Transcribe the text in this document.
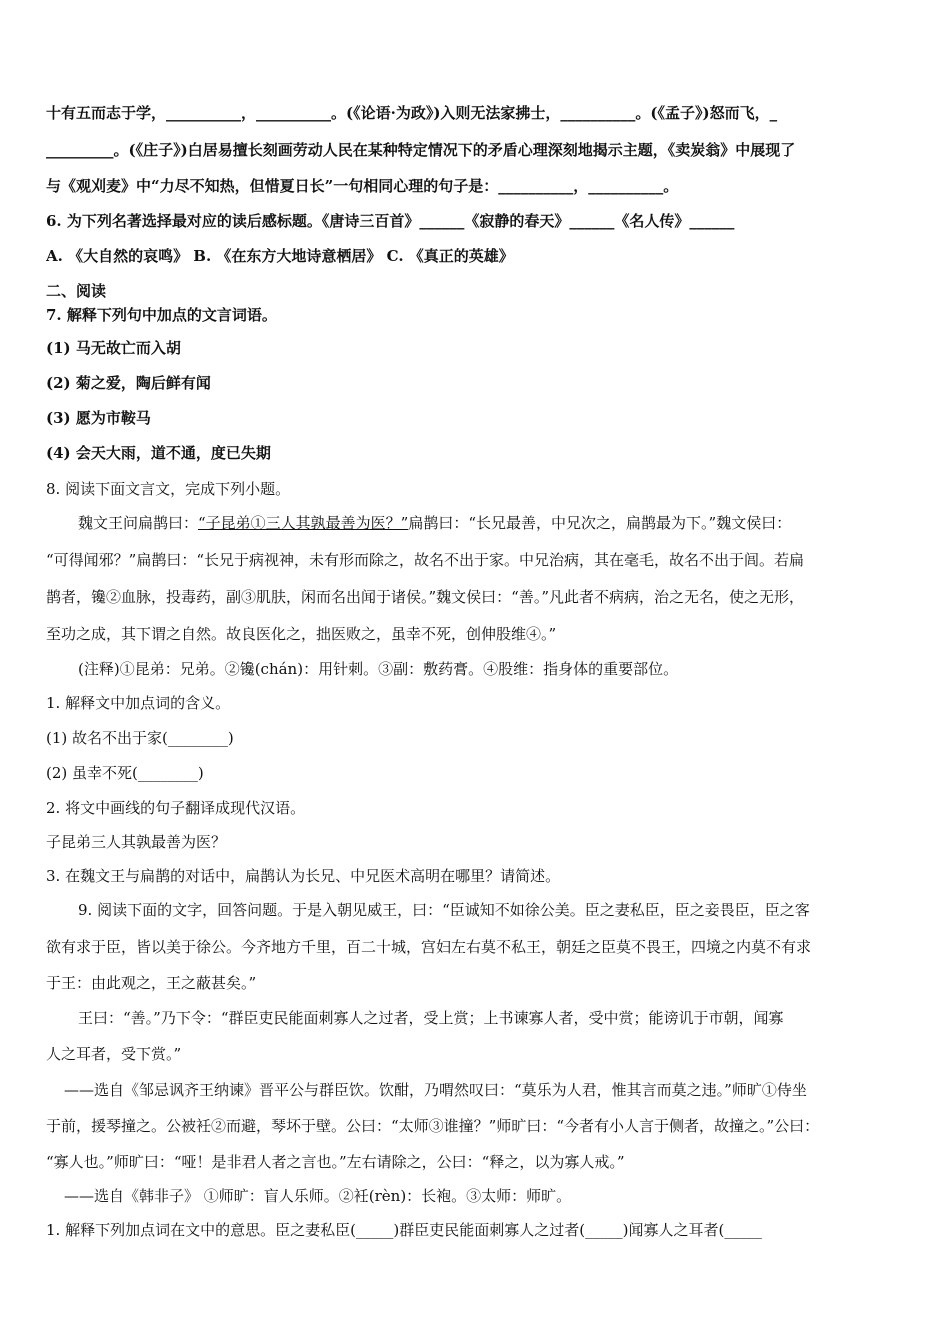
十有五而志于学，__________，__________。(《论语·为政》)入则无法家拂士，__________。(《孟子》)怒而飞，_
_________。(《庄子》)白居易擅长刻画劳动人民在某种特定情况下的矛盾心理深刻地揭示主题，《卖炭翁》中展现了
与《观刈麦》中“力尽不知热，但惜夏日长”一句相同心理的句子是：__________，__________。
6. 为下列名著选择最对应的读后感标题。《唐诗三百首》______《寂静的春天》______《名人传》______
A. 《大自然的哀鸣》 B. 《在东方大地诗意栖居》 C. 《真正的英雄》
二、阅读
7. 解释下列句中加点的文言词语。
(1) 马无故亡而入胡
(2) 菊之爱，陶后鲜有闻
(3) 愿为市鞍马
(4) 会天大雨，道不通，度已失期
8. 阅读下面文言文，完成下列小题。
魏文王问扁鹊曰：“子昆弟①三人其孰最善为医？”扁鹊曰：“长兄最善，中兄次之，扁鹊最为下。”魏文侯曰：
“可得闻邪？”扁鹊曰：“长兄于病视神，未有形而除之，故名不出于家。中兄治病，其在毫毛，故名不出于闾。若扁
鹊者，镵②血脉，投毒药，副③肌肤，闲而名出闻于诸侯。”魏文侯曰：“善。”凡此者不病病，治之无名，使之无形，
至功之成，其下谓之自然。故良医化之，拙医败之，虽幸不死，创伸股维④。”
(注释)①昆弟：兄弟。②镵(chán)：用针刺。③副：敷药膏。④股维：指身体的重要部位。
1. 解释文中加点词的含义。
(1) 故名不出于家(________)
(2) 虽幸不死(________)
2. 将文中画线的句子翻译成现代汉语。
子昆弟三人其孰最善为医？
3. 在魏文王与扁鹊的对话中，扁鹊认为长兄、中兄医术高明在哪里？请简述。
9. 阅读下面的文字，回答问题。于是入朝见威王，曰：“臣诚知不如徐公美。臣之妻私臣，臣之妾畏臣，臣之客
欲有求于臣，皆以美于徐公。今齐地方千里，百二十城，宫妇左右莫不私王，朝廷之臣莫不畏王，四境之内莫不有求
于王：由此观之，王之蔽甚矣。”
王曰：“善。”乃下令：“群臣吏民能面刺寡人之过者，受上赏；上书谏寡人者，受中赏；能谤讥于市朝，闻寡
人之耳者，受下赏。”
——选自《邹忌讽齐王纳谏》晋平公与群臣饮。饮酣，乃喟然叹曰：“莫乐为人君，惟其言而莫之违。”师旷①侍坐
于前，援琴撞之。公被衽②而避，琴坏于壁。公曰：“太师③谁撞？”师旷曰：“今者有小人言于侧者，故撞之。”公曰：
“寡人也。”师旷曰：“哑！是非君人者之言也。”左右请除之，公曰：“释之，以为寡人戒。”
——选自《韩非子》 ①师旷：盲人乐师。②衽(rèn)：长袍。③太师：师旷。
1. 解释下列加点词在文中的意思。臣之妻私臣(_____)群臣吏民能面刺寡人之过者(_____)闻寡人之耳者(_____
